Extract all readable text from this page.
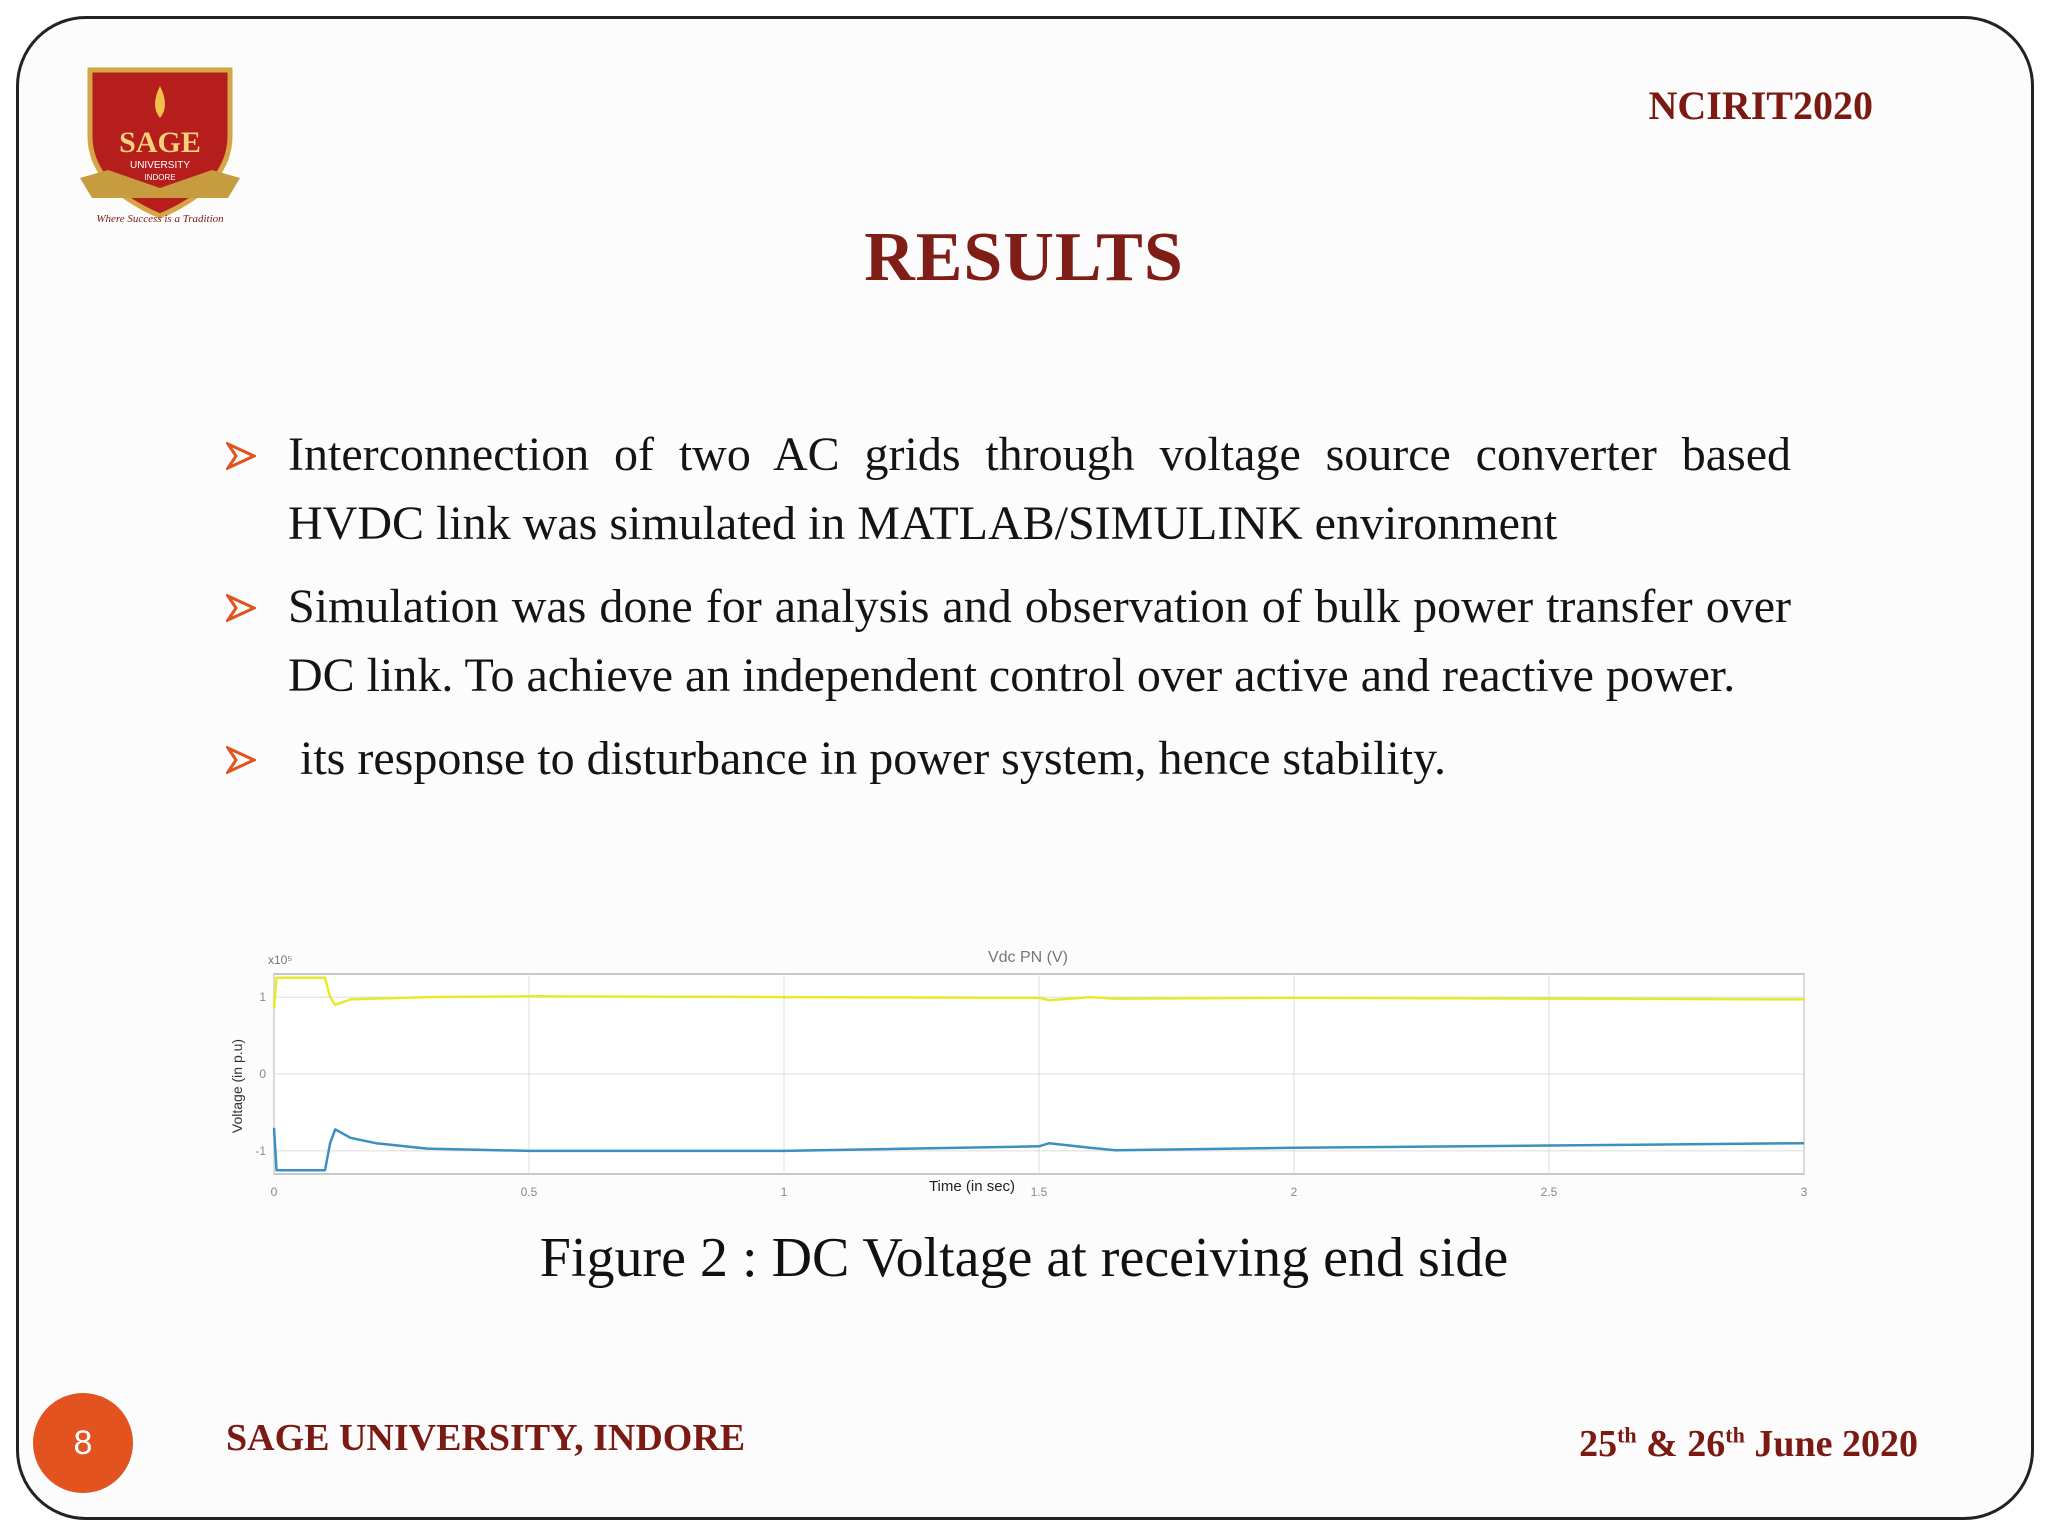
SAGE
UNIVERSITY
INDORE
Where Success is a Tradition
NCIRIT2020
RESULTS
Interconnection of two AC grids through voltage source converter based HVDC link was simulated in MATLAB/SIMULINK environment
Simulation was done for analysis and observation of bulk power transfer over DC link. To achieve an independent control over active and reactive power.
its response to disturbance in power system, hence stability.
Vdc PN (V)
x10⁵
Voltage (in p.u)
Time (in sec)
0	0.5	1	1.5	2	2.5	3
1
0
-1
Figure 2 : DC Voltage at receiving end side
8	SAGE UNIVERSITY, INDORE	25th & 26th June 2020
